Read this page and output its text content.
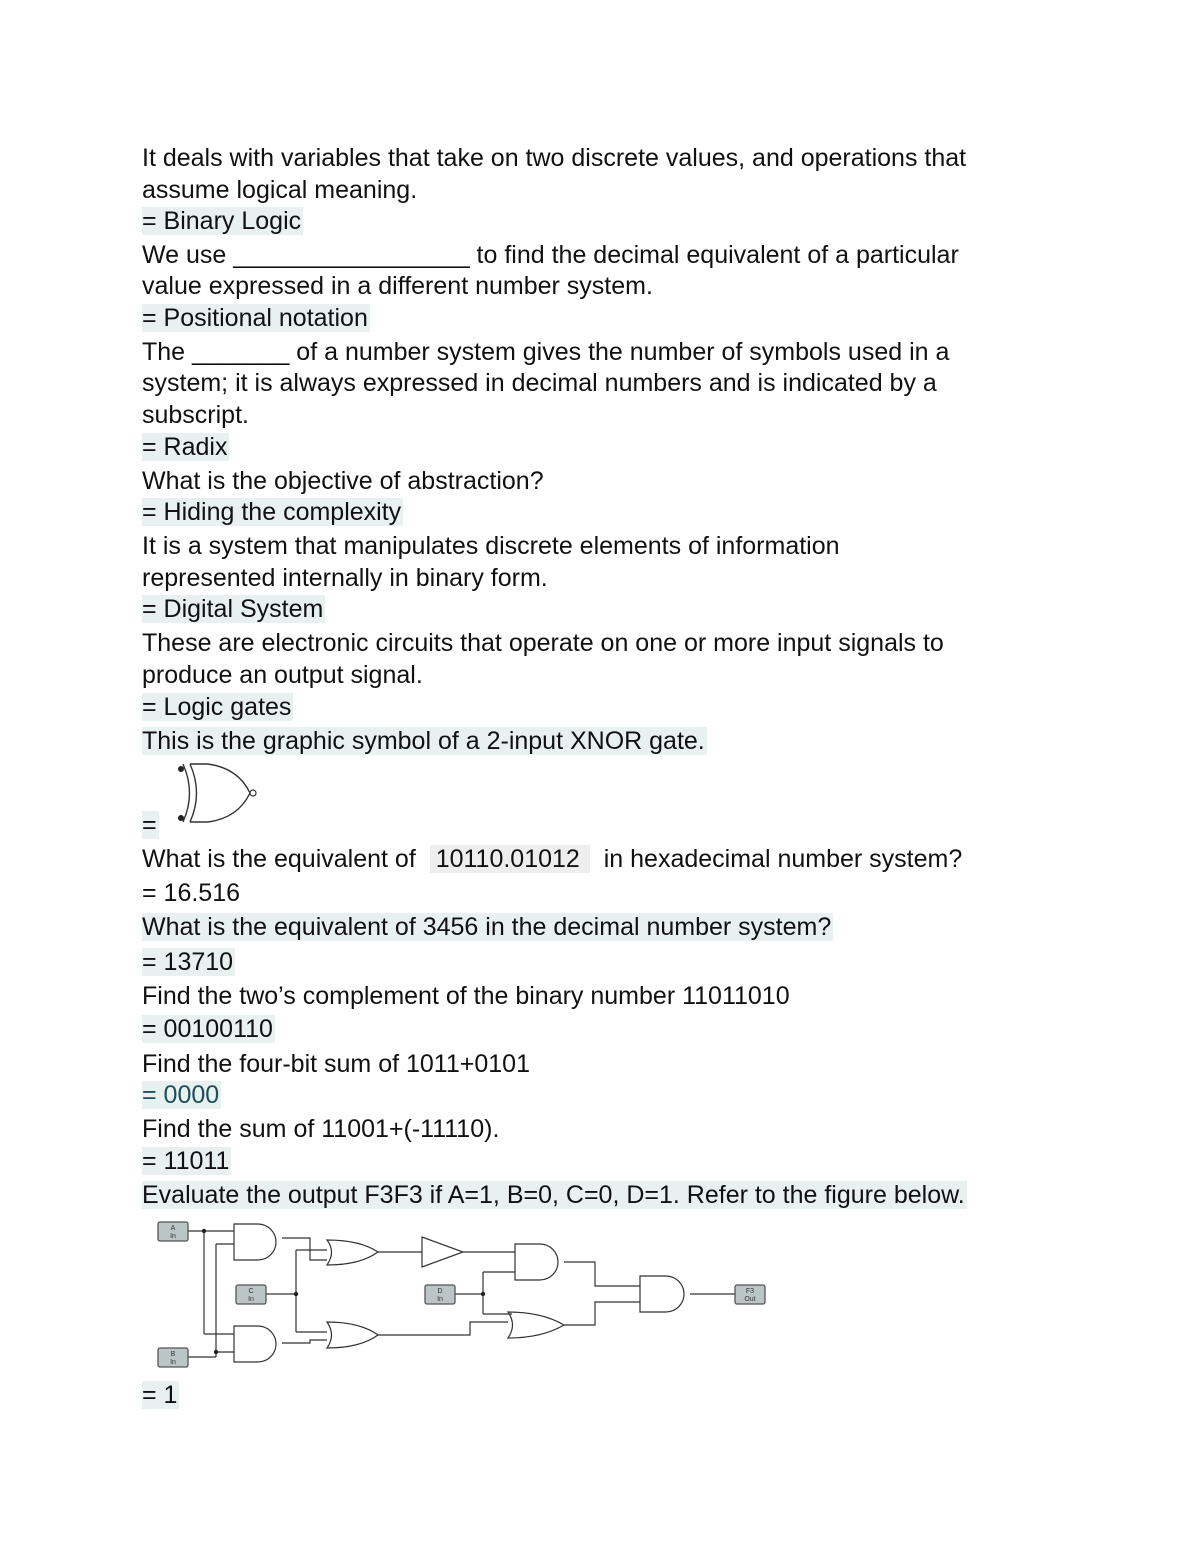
It deals with variables that take on two discrete values, and operations that

assume logical meaning.

= Binary Logic

We use _________________ to find the decimal equivalent of a particular

value expressed in a different number system.

= Positional notation

The _______ of a number system gives the number of symbols used in a

system; it is always expressed in decimal numbers and is indicated by a

subscript.

= Radix

What is the objective of abstraction?

= Hiding the complexity

It is a system that manipulates discrete elements of information

represented internally in binary form.

= Digital System

These are electronic circuits that operate on one or more input signals to

produce an output signal.

= Logic gates

This is the graphic symbol of a 2-input XNOR gate.

=

What is the equivalent of 10110.01012 in hexadecimal number system?

= 16.516

What is the equivalent of 3456 in the decimal number system?

= 13710

Find the two’s complement of the binary number 11011010

= 00100110

Find the four-bit sum of 1011+0101

= 0000

Find the sum of 11001+(-11110).

= 11011

Evaluate the output F3F3 if A=1, B=0, C=0, D=1. Refer to the figure below.

A
In
C
In
B
In
D
In
F3
Out

= 1
